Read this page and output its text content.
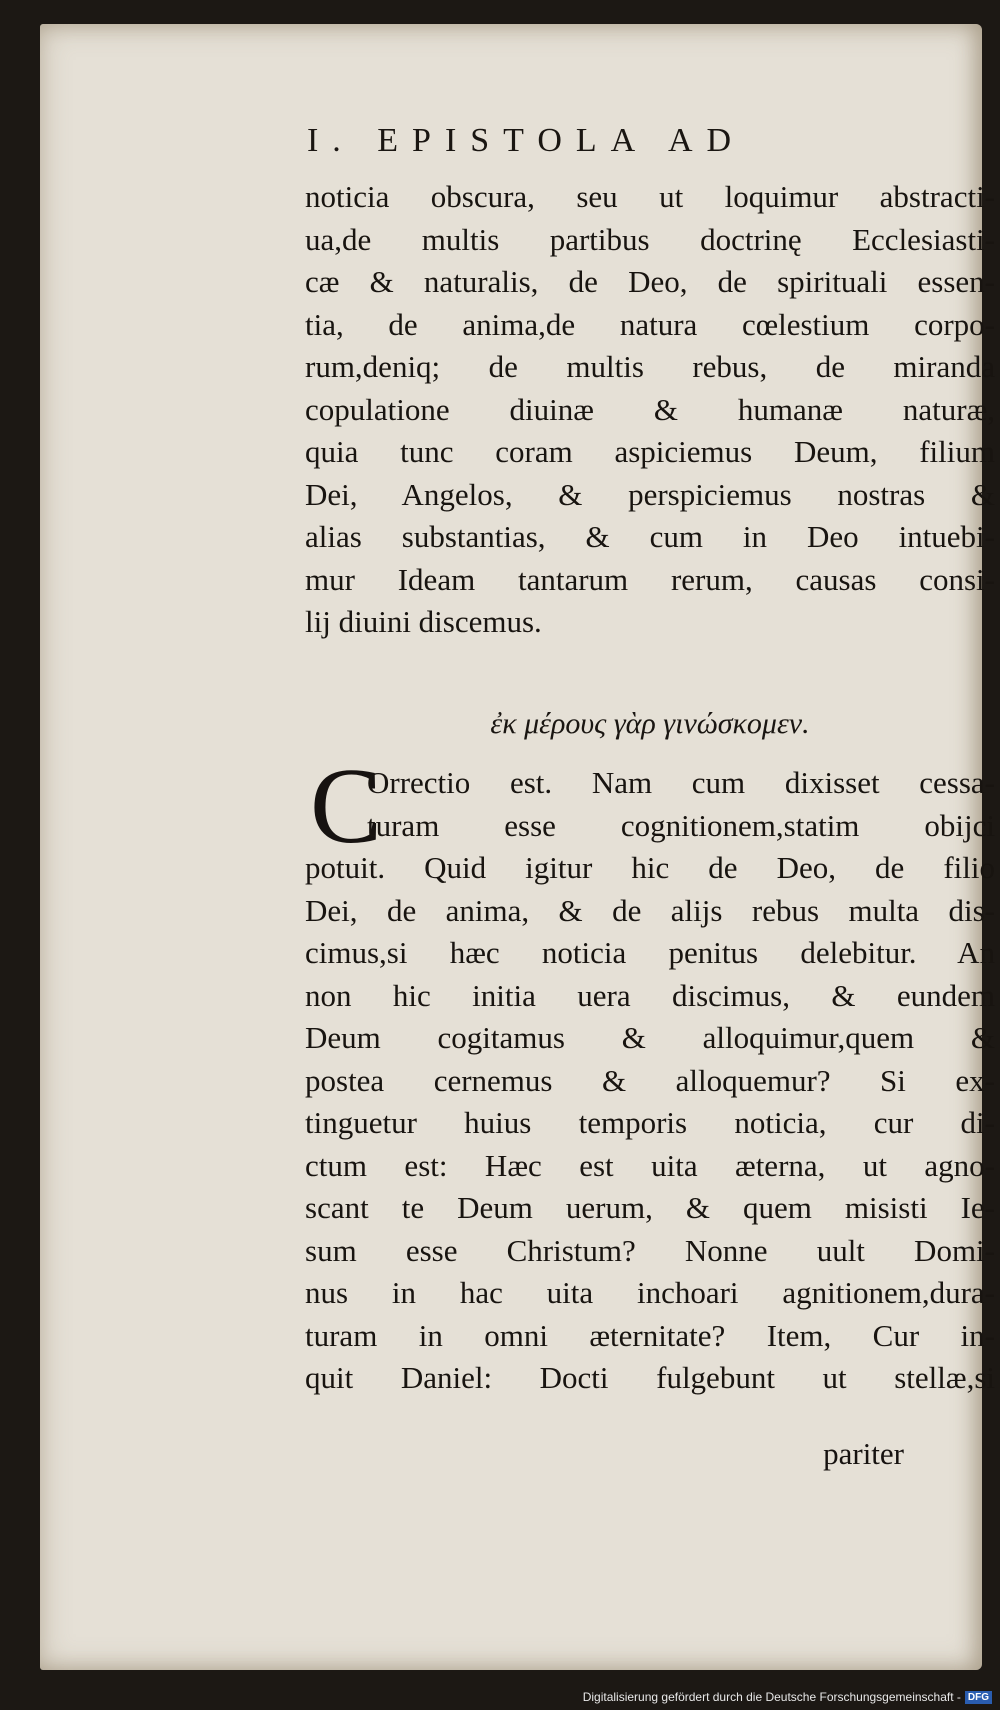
I. EPISTOLA AD
noticia obscura, seu ut loquimur abstracti-
ua,de multis partibus doctrinę Ecclesiasti-
cæ & naturalis, de Deo, de spirituali essen-
tia, de anima,de natura cœlestium corpo-
rum,deniq; de multis rebus, de miranda
copulatione diuinæ & humanæ naturæ,
quia tunc coram aspiciemus Deum, filium
Dei, Angelos, & perspiciemus nostras &
alias substantias, & cum in Deo intuebi-
mur Ideam tantarum rerum, causas consi-
lij diuini discemus.
ἐκ μέρους γὰρ γινώσκομεν.
C
Orrectio est. Nam cum dixisset cessa-
turam esse cognitionem,statim obijci
potuit. Quid igitur hic de Deo, de filio
Dei, de anima, & de alijs rebus multa dis-
cimus,si hæc noticia penitus delebitur. An
non hic initia uera discimus, & eundem
Deum cogitamus & alloquimur,quem &
postea cernemus & alloquemur? Si ex-
tinguetur huius temporis noticia, cur di-
ctum est: Hæc est uita æterna, ut agno-
scant te Deum uerum, & quem misisti Ie-
sum esse Christum? Nonne uult Domi-
nus in hac uita inchoari agnitionem,dura-
turam in omni æternitate? Item, Cur in-
quit Daniel: Docti fulgebunt ut stellæ,si
pariter
Digitalisierung gefördert durch die Deutsche Forschungsgemeinschaft - DFG
